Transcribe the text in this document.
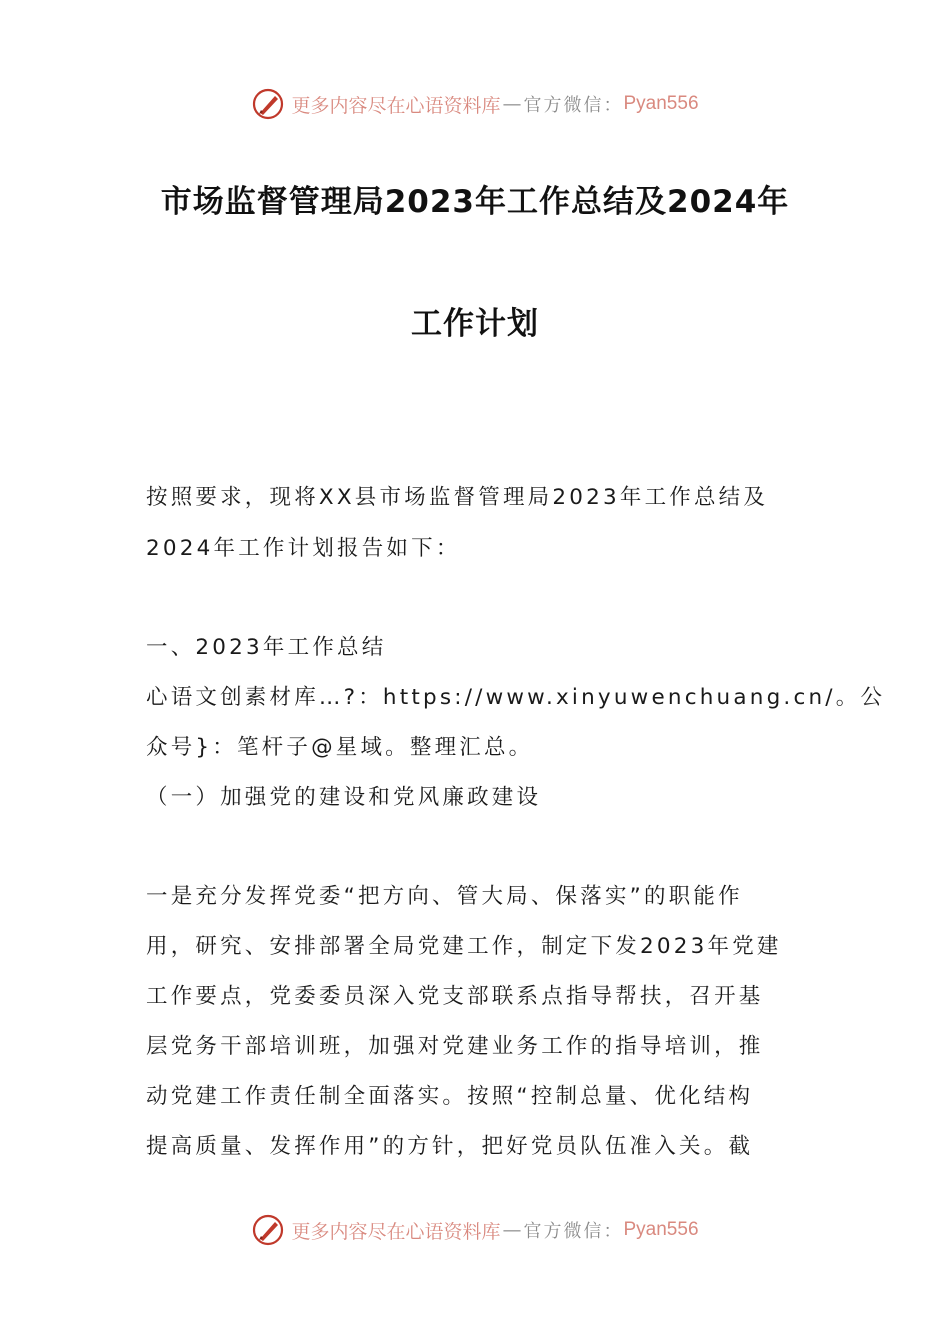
更多内容尽在心语资料库 — 官方微信： Pyan556
市场监督管理局2023年工作总结及2024年
工作计划
按照要求，现将XX县市场监督管理局2023年工作总结及
2024年工作计划报告如下：
一、2023年工作总结
心语文创素材库…?：https://www.xinyuwenchuang.cn/。公
众号}：笔杆子@星域。整理汇总。
（一）加强党的建设和党风廉政建设
一是充分发挥党委“把方向、管大局、保落实”的职能作
用，研究、安排部署全局党建工作，制定下发2023年党建
工作要点，党委委员深入党支部联系点指导帮扶，召开基
层党务干部培训班，加强对党建业务工作的指导培训，推
动党建工作责任制全面落实。按照“控制总量、优化结构
提高质量、发挥作用”的方针，把好党员队伍准入关。截
更多内容尽在心语资料库 — 官方微信： Pyan556
